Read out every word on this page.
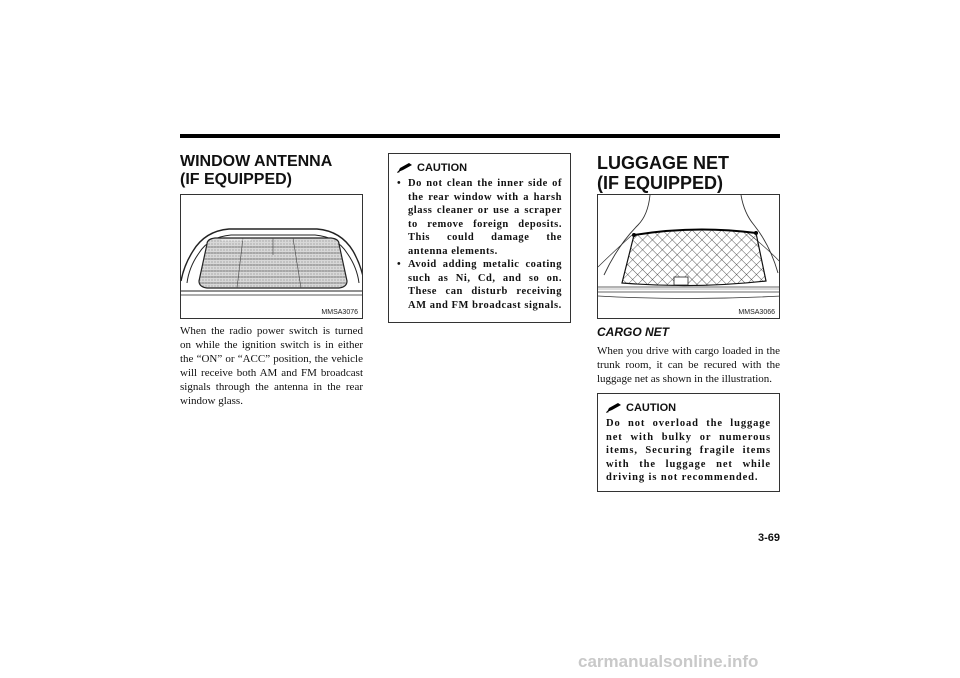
WINDOW ANTENNA
(IF EQUIPPED)
MMSA3076

When the radio power switch is turned on while the ignition switch is in either the “ON” or “ACC” position, the vehicle will receive both AM and FM broadcast signals through the antenna in the rear window glass.

CAUTION
• Do not clean the inner side of the rear window with a harsh glass cleaner or use a scraper to remove foreign deposits. This could damage the antenna elements.
• Avoid adding metalic coating such as Ni, Cd, and so on. These can disturb receiving AM and FM broadcast signals.
LUGGAGE NET
(IF EQUIPPED)
MMSA3066
CARGO NET

When you drive with cargo loaded in the trunk room, it can be recured with the luggage net as shown in the illustration.

CAUTION

Do not overload the luggage net with bulky or numerous items, Securing fragile items with the luggage net while driving is not recommended.

3-69
carmanualsonline.info
